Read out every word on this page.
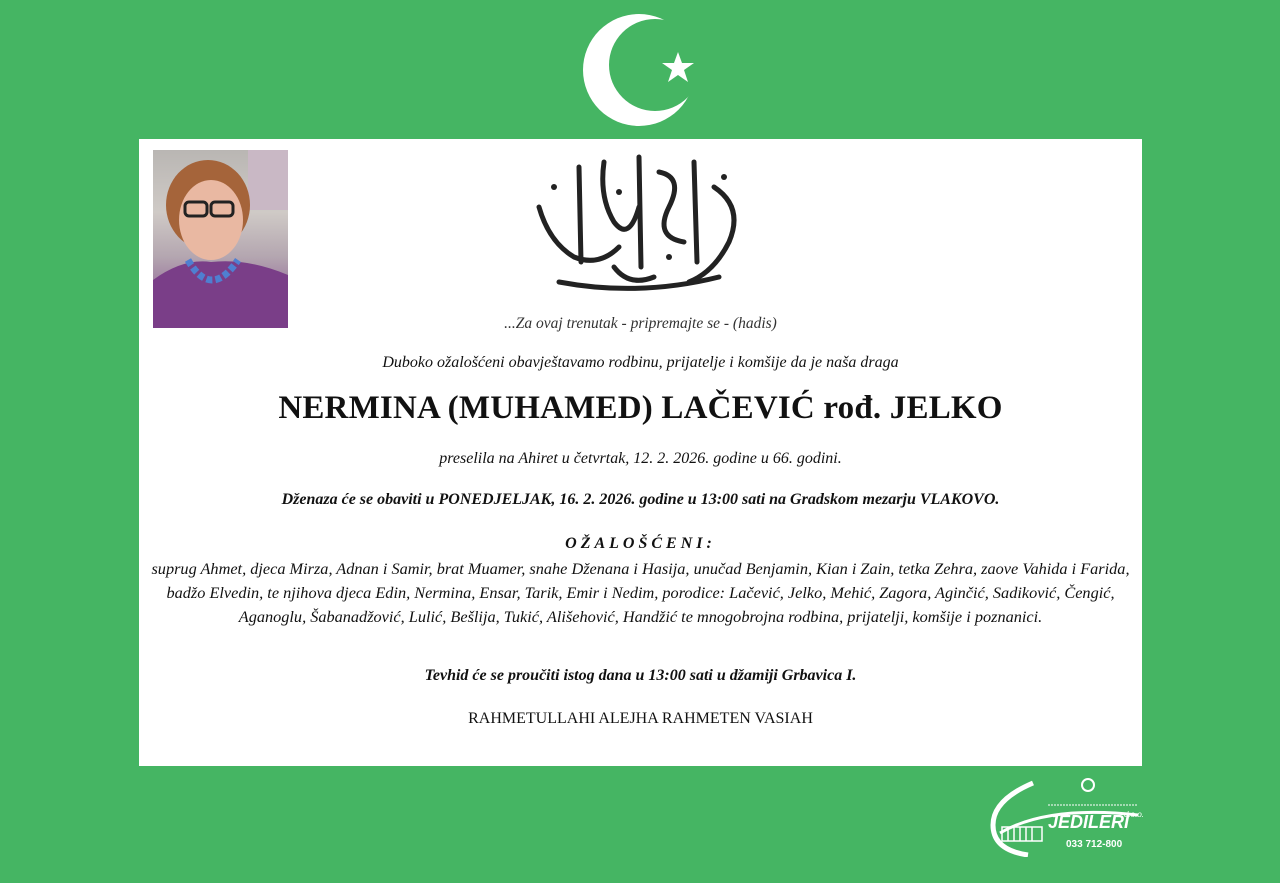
...Za ovaj trenutak - pripremajte se - (hadis)
Duboko ožalošćeni obavještavamo rodbinu, prijatelje i komšije da je naša draga
NERMINA (MUHAMED) LAČEVIĆ rođ. JELKO
preselila na Ahiret u četvrtak, 12. 2. 2026. godine u 66. godini.
Dženaza će se obaviti u PONEDJELJAK, 16. 2. 2026. godine u 13:00 sati na Gradskom mezarju VLAKOVO.
OŽALOŠĆENI:
suprug Ahmet, djeca Mirza, Adnan i Samir, brat Muamer, snahe Dženana i Hasija, unučad Benjamin, Kian i Zain, tetka Zehra, zaove Vahida i Farida, badžo Elvedin, te njihova djeca Edin, Nermina, Ensar, Tarik, Emir i Nedim, porodice: Lačević, Jelko, Mehić, Zagora, Aginčić, Sadiković, Čengić, Aganoglu, Šabanadžović, Lulić, Bešlija, Tukić, Ališehović, Handžić te mnogobrojna rodbina, prijatelji, komšije i poznanici.
Tevhid će se proučiti istog dana u 13:00 sati u džamiji Grbavica I.
RAHMETULLAHI ALEJHA RAHMETEN VASIAH
JEDILERI
d.o.o.
033 712-800
